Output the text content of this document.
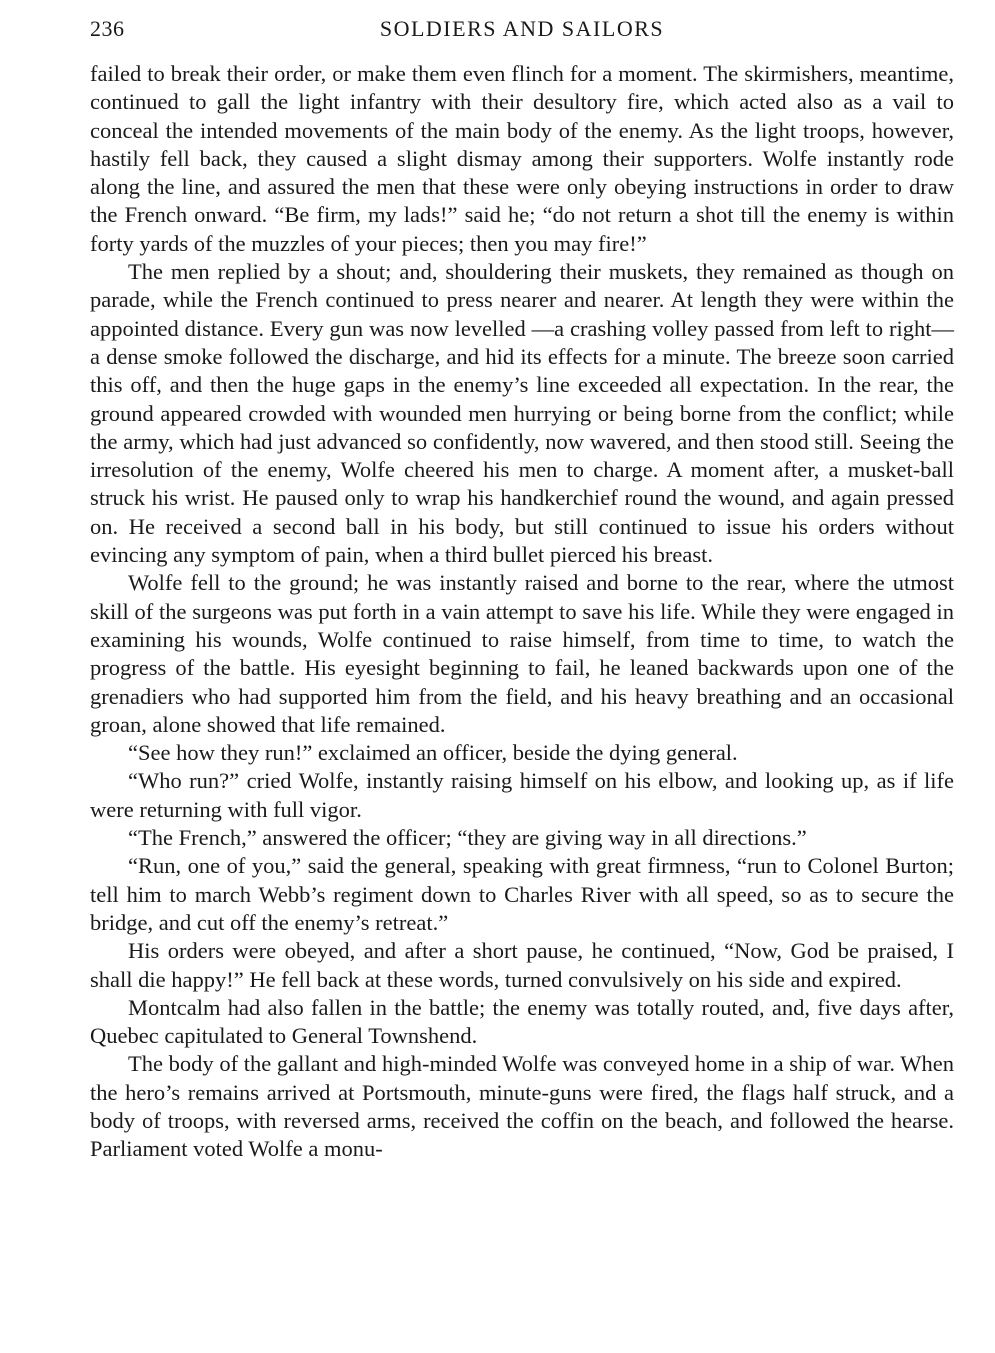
236	SOLDIERS AND SAILORS

failed to break their order, or make them even flinch for a moment. The skirmishers, meantime, continued to gall the light infantry with their desultory fire, which acted also as a vail to conceal the intended movements of the main body of the enemy. As the light troops, however, hastily fell back, they caused a slight dismay among their supporters. Wolfe instantly rode along the line, and assured the men that these were only obeying instructions in order to draw the French onward. “Be firm, my lads!” said he; “do not return a shot till the enemy is within forty yards of the muzzles of your pieces; then you may fire!”

The men replied by a shout; and, shouldering their muskets, they remained as though on parade, while the French continued to press nearer and nearer. At length they were within the appointed distance. Every gun was now levelled —a crashing volley passed from left to right—a dense smoke followed the discharge, and hid its effects for a minute. The breeze soon carried this off, and then the huge gaps in the enemy’s line exceeded all expectation. In the rear, the ground appeared crowded with wounded men hurrying or being borne from the conflict; while the army, which had just advanced so confidently, now wavered, and then stood still. Seeing the irresolution of the enemy, Wolfe cheered his men to charge. A moment after, a musket-ball struck his wrist. He paused only to wrap his handkerchief round the wound, and again pressed on. He received a second ball in his body, but still continued to issue his orders without evincing any symptom of pain, when a third bullet pierced his breast.

Wolfe fell to the ground; he was instantly raised and borne to the rear, where the utmost skill of the surgeons was put forth in a vain attempt to save his life. While they were engaged in examining his wounds, Wolfe continued to raise himself, from time to time, to watch the progress of the battle. His eyesight beginning to fail, he leaned backwards upon one of the grenadiers who had supported him from the field, and his heavy breathing and an occasional groan, alone showed that life remained.

“See how they run!” exclaimed an officer, beside the dying general.

“Who run?” cried Wolfe, instantly raising himself on his elbow, and looking up, as if life were returning with full vigor.

“The French,” answered the officer; “they are giving way in all directions.”

“Run, one of you,” said the general, speaking with great firmness, “run to Colonel Burton; tell him to march Webb’s regiment down to Charles River with all speed, so as to secure the bridge, and cut off the enemy’s retreat.”

His orders were obeyed, and after a short pause, he continued, “Now, God be praised, I shall die happy!” He fell back at these words, turned convulsively on his side and expired.

Montcalm had also fallen in the battle; the enemy was totally routed, and, five days after, Quebec capitulated to General Townshend.

The body of the gallant and high-minded Wolfe was conveyed home in a ship of war. When the hero’s remains arrived at Portsmouth, minute-guns were fired, the flags half struck, and a body of troops, with reversed arms, received the coffin on the beach, and followed the hearse. Parliament voted Wolfe a monu-
